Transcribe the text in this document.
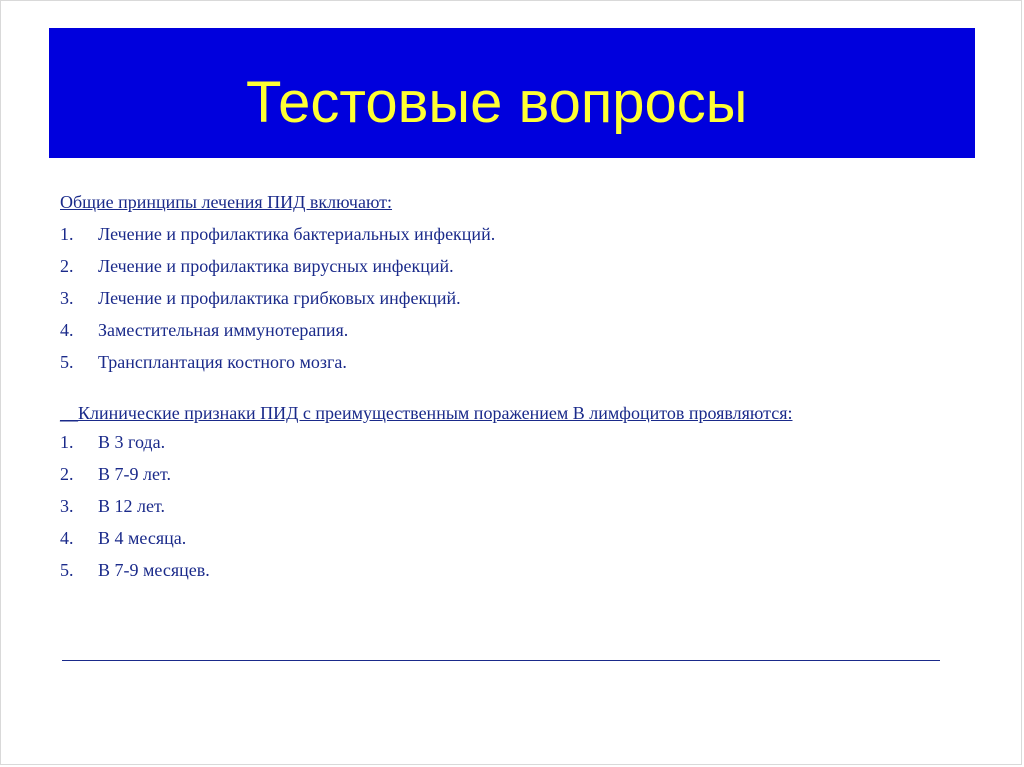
Тестовые вопросы
Общие принципы лечения ПИД включают:
1. Лечение и профилактика бактериальных инфекций.
2. Лечение и профилактика вирусных инфекций.
3. Лечение и профилактика грибковых инфекций.
4. Заместительная иммунотерапия.
5. Трансплантация костного мозга.
__Клинические признаки ПИД с преимущественным поражением В лимфоцитов проявляются:
1. В 3 года.
2. В 7-9 лет.
3. В 12 лет.
4. В 4 месяца.
5. В 7-9 месяцев.
